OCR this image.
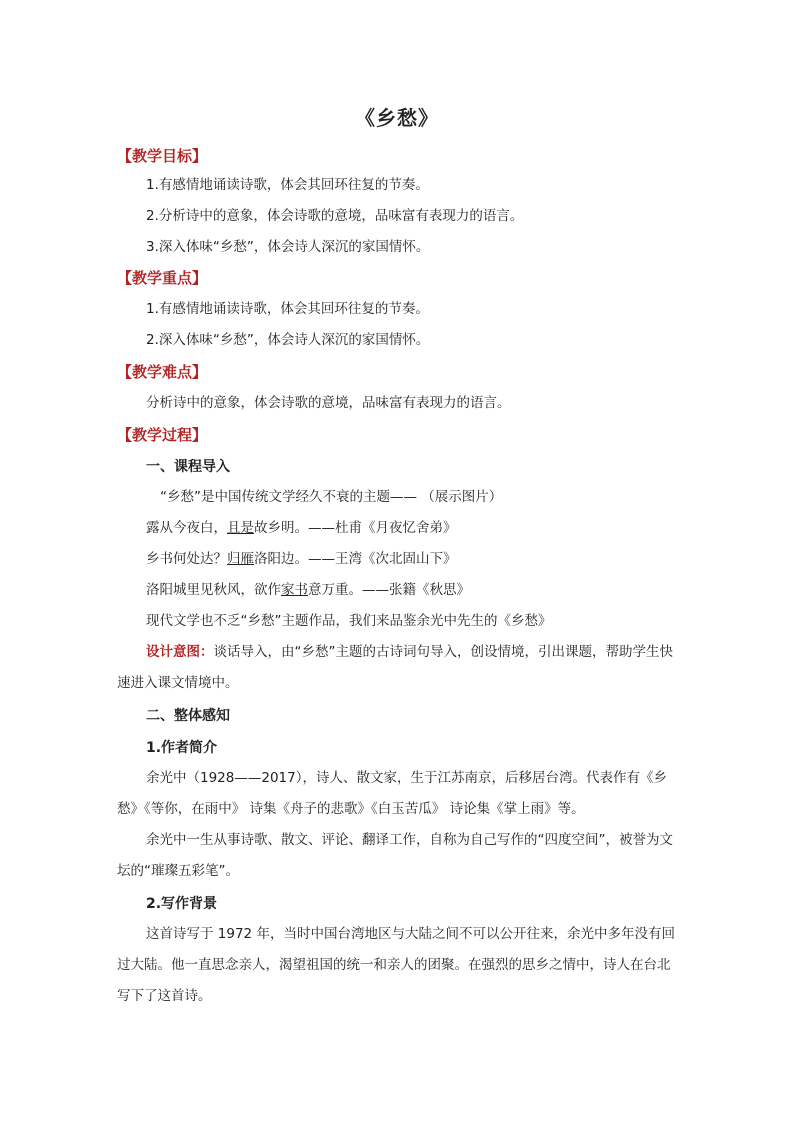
《乡愁》
【教学目标】
1.有感情地诵读诗歌，体会其回环往复的节奏。
2.分析诗中的意象，体会诗歌的意境，品味富有表现力的语言。
3.深入体味“乡愁”，体会诗人深沉的家国情怀。
【教学重点】
1.有感情地诵读诗歌，体会其回环往复的节奏。
2.深入体味“乡愁”，体会诗人深沉的家国情怀。
【教学难点】
分析诗中的意象，体会诗歌的意境，品味富有表现力的语言。
【教学过程】
一、课程导入
“乡愁”是中国传统文学经久不衰的主题—— （展示图片）
露从今夜白，且是故乡明。——杜甫《月夜忆舍弟》
乡书何处达？归雁洛阳边。——王湾《次北固山下》
洛阳城里见秋风，欲作家书意万重。——张籍《秋思》
现代文学也不乏“乡愁”主题作品，我们来品鉴余光中先生的《乡愁》
设计意图：谈话导入，由“乡愁”主题的古诗词句导入，创设情境，引出课题，帮助学生快速进入课文情境中。
二、整体感知
1.作者简介
余光中（1928——2017），诗人、散文家，生于江苏南京，后移居台湾。代表作有《乡愁》《等你，在雨中》 诗集《舟子的悲歌》《白玉苦瓜》 诗论集《掌上雨》等。
余光中一生从事诗歌、散文、评论、翻译工作，自称为自己写作的“四度空间”，被誉为文坛的“璀璨五彩笔”。
2.写作背景
这首诗写于 1972 年，当时中国台湾地区与大陆之间不可以公开往来，余光中多年没有回过大陆。他一直思念亲人，渴望祖国的统一和亲人的团聚。在强烈的思乡之情中，诗人在台北写下了这首诗。
